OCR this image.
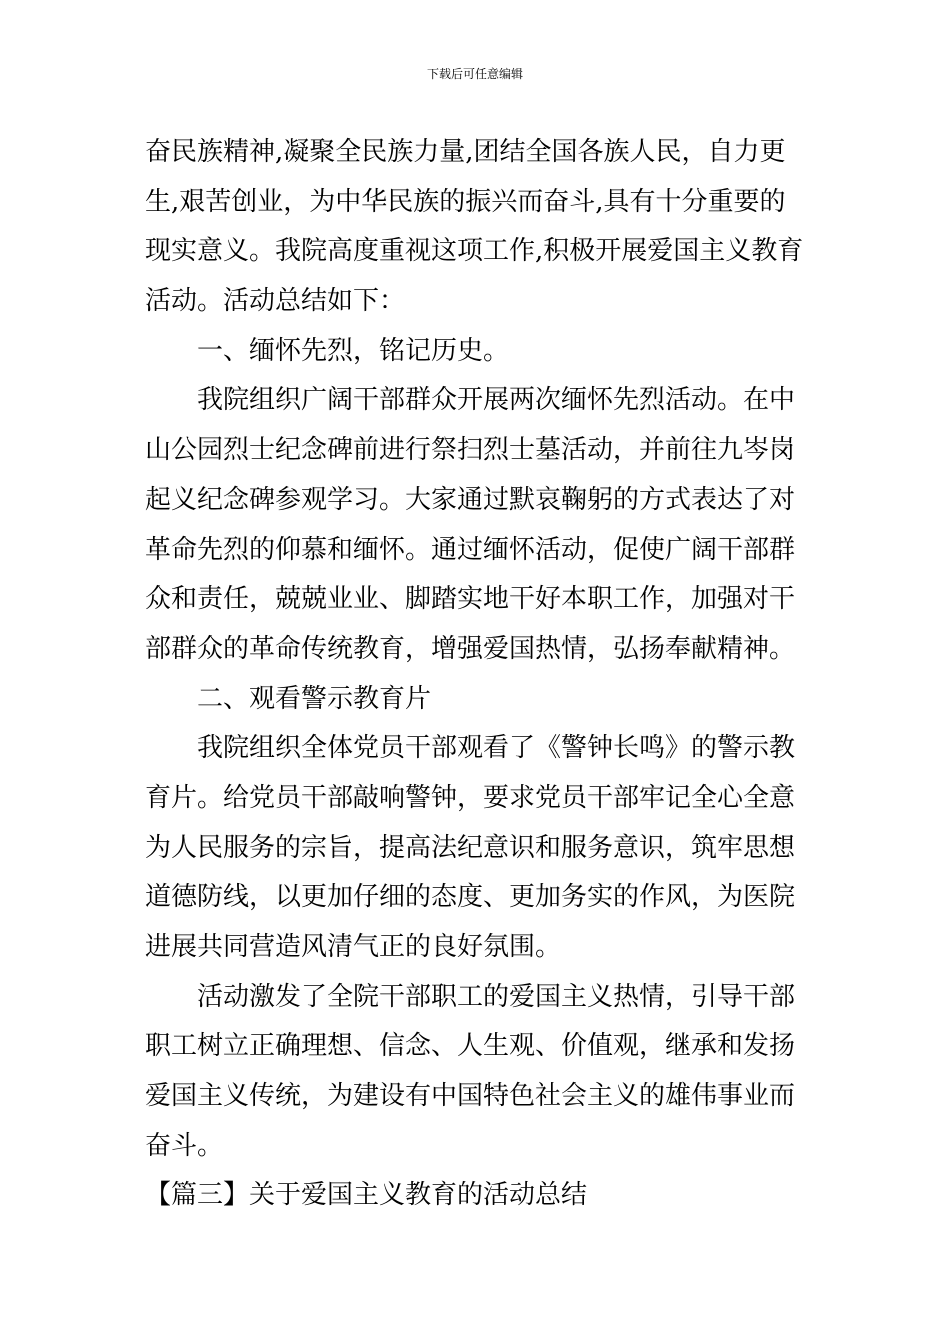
下载后可任意编辑
奋民族精神,凝聚全民族力量,团结全国各族人民，自力更
生,艰苦创业，为中华民族的振兴而奋斗,具有十分重要的
现实意义。我院高度重视这项工作,积极开展爱国主义教育
活动。活动总结如下：
一、缅怀先烈，铭记历史。
我院组织广阔干部群众开展两次缅怀先烈活动。在中
山公园烈士纪念碑前进行祭扫烈士墓活动，并前往九岑岗
起义纪念碑参观学习。大家通过默哀鞠躬的方式表达了对
革命先烈的仰慕和缅怀。通过缅怀活动，促使广阔干部群
众和责任，兢兢业业、脚踏实地干好本职工作，加强对干
部群众的革命传统教育，增强爱国热情，弘扬奉献精神。
二、观看警示教育片
我院组织全体党员干部观看了《警钟长鸣》的警示教
育片。给党员干部敲响警钟，要求党员干部牢记全心全意
为人民服务的宗旨，提高法纪意识和服务意识，筑牢思想
道德防线，以更加仔细的态度、更加务实的作风，为医院
进展共同营造风清气正的良好氛围。
活动激发了全院干部职工的爱国主义热情，引导干部
职工树立正确理想、信念、人生观、价值观，继承和发扬
爱国主义传统，为建设有中国特色社会主义的雄伟事业而
奋斗。
【篇三】关于爱国主义教育的活动总结
